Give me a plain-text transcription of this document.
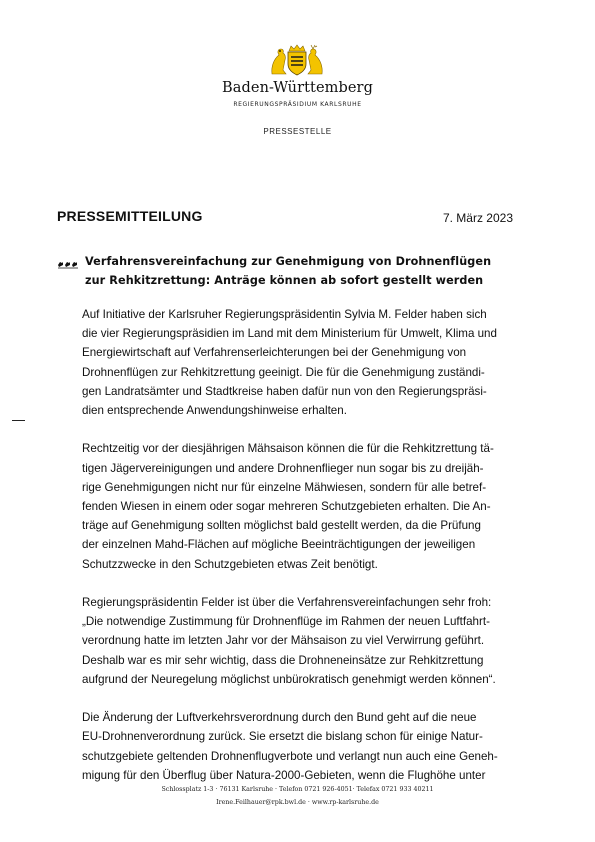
Baden-Württemberg
REGIERUNGSPRÄSIDIUM KARLSRUHE
PRESSESTELLE
PRESSEMITTEILUNG	7. März 2023
Verfahrensvereinfachung zur Genehmigung von Drohnenflügen
zur Rehkitzrettung: Anträge können ab sofort gestellt werden

Auf Initiative der Karlsruher Regierungspräsidentin Sylvia M. Felder haben sich
die vier Regierungspräsidien im Land mit dem Ministerium für Umwelt, Klima und
Energiewirtschaft auf Verfahrenserleichterungen bei der Genehmigung von
Drohnenflügen zur Rehkitzrettung geeinigt. Die für die Genehmigung zuständi-
gen Landratsämter und Stadtkreise haben dafür nun von den Regierungspräsi-
dien entsprechende Anwendungshinweise erhalten.

Rechtzeitig vor der diesjährigen Mähsaison können die für die Rehkitzrettung tä-
tigen Jägervereinigungen und andere Drohnenflieger nun sogar bis zu dreijäh-
rige Genehmigungen nicht nur für einzelne Mähwiesen, sondern für alle betref-
fenden Wiesen in einem oder sogar mehreren Schutzgebieten erhalten. Die An-
träge auf Genehmigung sollten möglichst bald gestellt werden, da die Prüfung
der einzelnen Mahd-Flächen auf mögliche Beeinträchtigungen der jeweiligen
Schutzzwecke in den Schutzgebieten etwas Zeit benötigt.

Regierungspräsidentin Felder ist über die Verfahrensvereinfachungen sehr froh:
„Die notwendige Zustimmung für Drohnenflüge im Rahmen der neuen Luftfahrt-
verordnung hatte im letzten Jahr vor der Mähsaison zu viel Verwirrung geführt.
Deshalb war es mir sehr wichtig, dass die Drohneneinsätze zur Rehkitzrettung
aufgrund der Neuregelung möglichst unbürokratisch genehmigt werden können“.

Die Änderung der Luftverkehrsverordnung durch den Bund geht auf die neue
EU-Drohnenverordnung zurück. Sie ersetzt die bislang schon für einige Natur-
schutzgebiete geltenden Drohnenflugverbote und verlangt nun auch eine Geneh-
migung für den Überflug über Natura-2000-Gebieten, wenn die Flughöhe unter

Schlossplatz 1-3 · 76131 Karlsruhe · Telefon 0721 926-4051· Telefax 0721 933 40211
Irene.Feilhauer@rpk.bwl.de · www.rp-karlsruhe.de
